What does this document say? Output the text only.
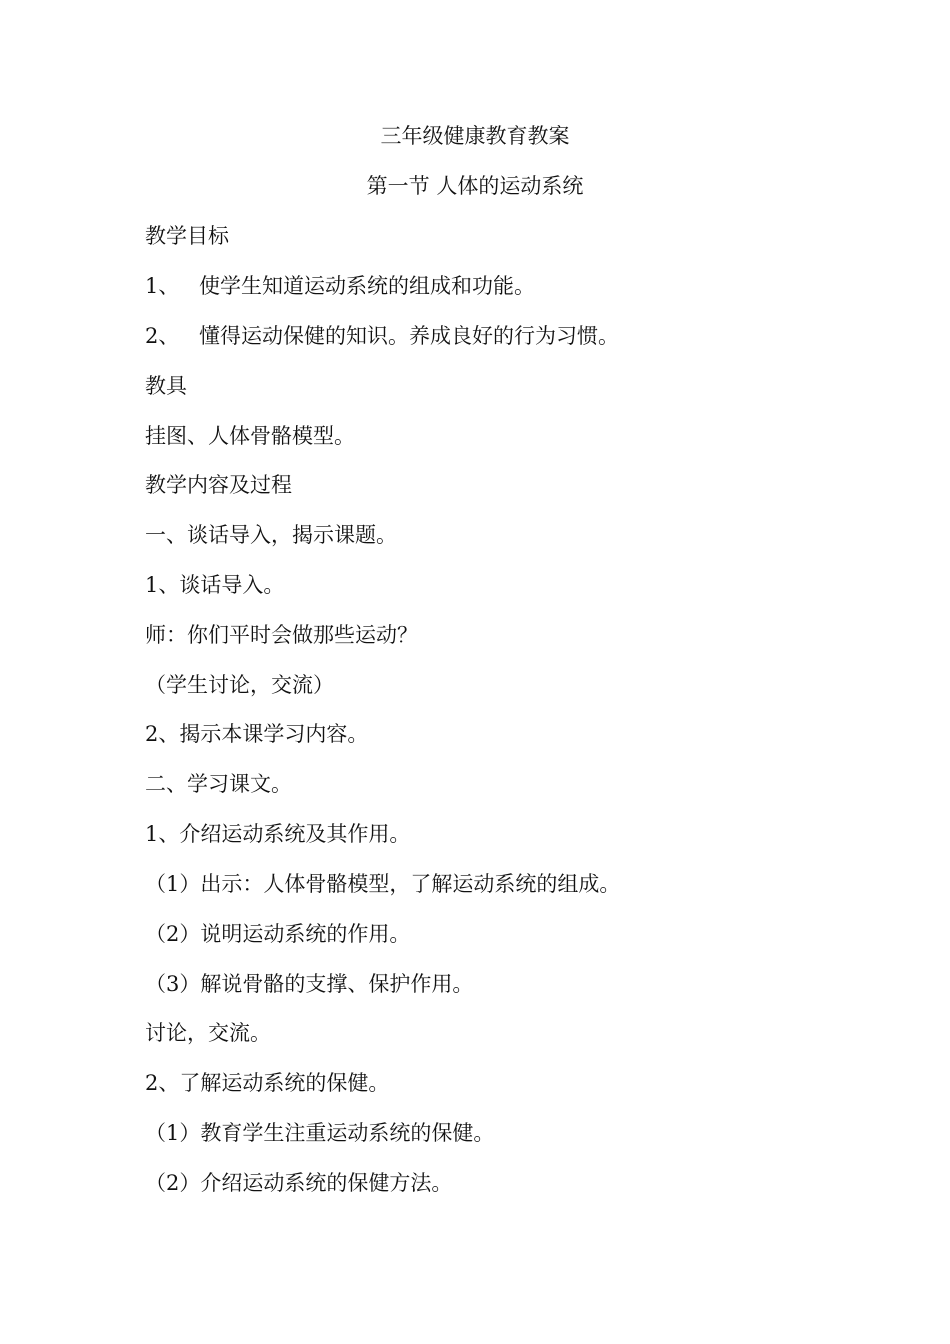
三年级健康教育教案
第一节 人体的运动系统
教学目标
1、 使学生知道运动系统的组成和功能。
2、 懂得运动保健的知识。养成良好的行为习惯。
教具
挂图、人体骨骼模型。
教学内容及过程
一、谈话导入，揭示课题。
1、谈话导入。
师：你们平时会做那些运动？
（学生讨论，交流）
2、揭示本课学习内容。
二、学习课文。
1、介绍运动系统及其作用。
（1）出示：人体骨骼模型，了解运动系统的组成。
（2）说明运动系统的作用。
（3）解说骨骼的支撑、保护作用。
讨论，交流。
2、了解运动系统的保健。
（1）教育学生注重运动系统的保健。
（2）介绍运动系统的保健方法。
